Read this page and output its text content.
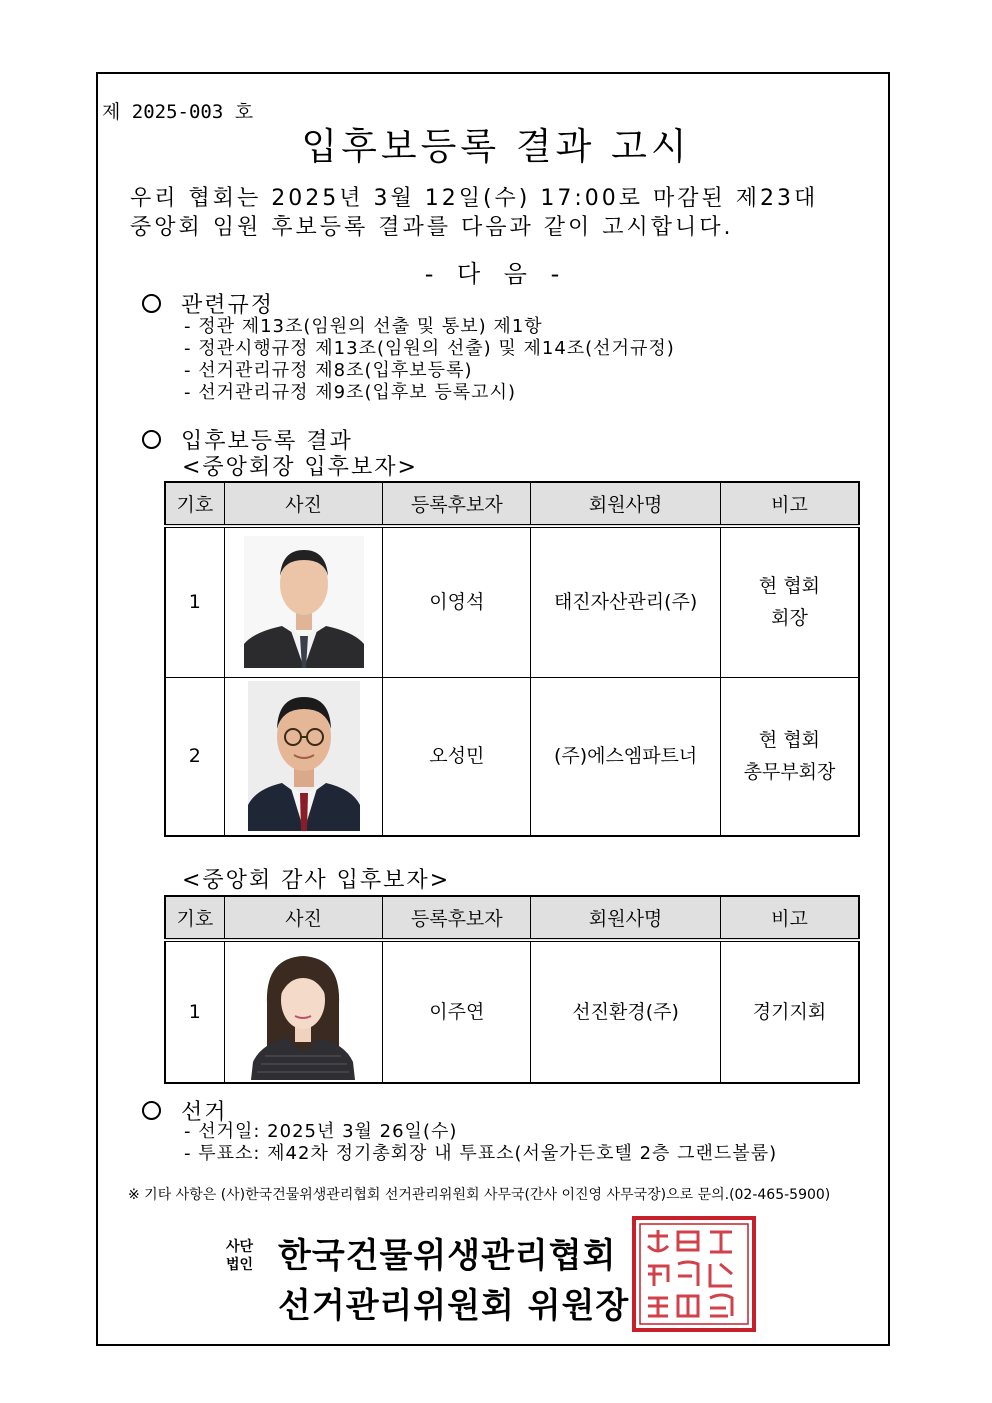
제 2025-003 호
입후보등록 결과 고시
우리 협회는 2025년 3월 12일(수) 17:00로 마감된 제23대
중앙회 임원 후보등록 결과를 다음과 같이 고시합니다.
- 다 음 -
관련규정
- 정관 제13조(임원의 선출 및 통보) 제1항
- 정관시행규정 제13조(임원의 선출) 및 제14조(선거규정)
- 선거관리규정 제8조(입후보등록)
- 선거관리규정 제9조(입후보 등록고시)
입후보등록 결과
<중앙회장 입후보자>
기호	사진	등록후보자	회원사명	비고
1		이영석	태진자산관리(주)	현 협회
회장

2		오성민	(주)에스엠파트너	현 협회
총무부회장
<중앙회 감사 입후보자>
기호	사진	등록후보자	회원사명	비고
1		이주연	선진환경(주)	경기지회
선거
- 선거일: 2025년 3월 26일(수)
- 투표소: 제42차 정기총회장 내 투표소(서울가든호텔 2층 그랜드볼룸)
※ 기타 사항은 (사)한국건물위생관리협회 선거관리위원회 사무국(간사 이진영 사무국장)으로 문의.(02-465-5900)
사단
법인 한국건물위생관리협회
선거관리위원회 위원장
